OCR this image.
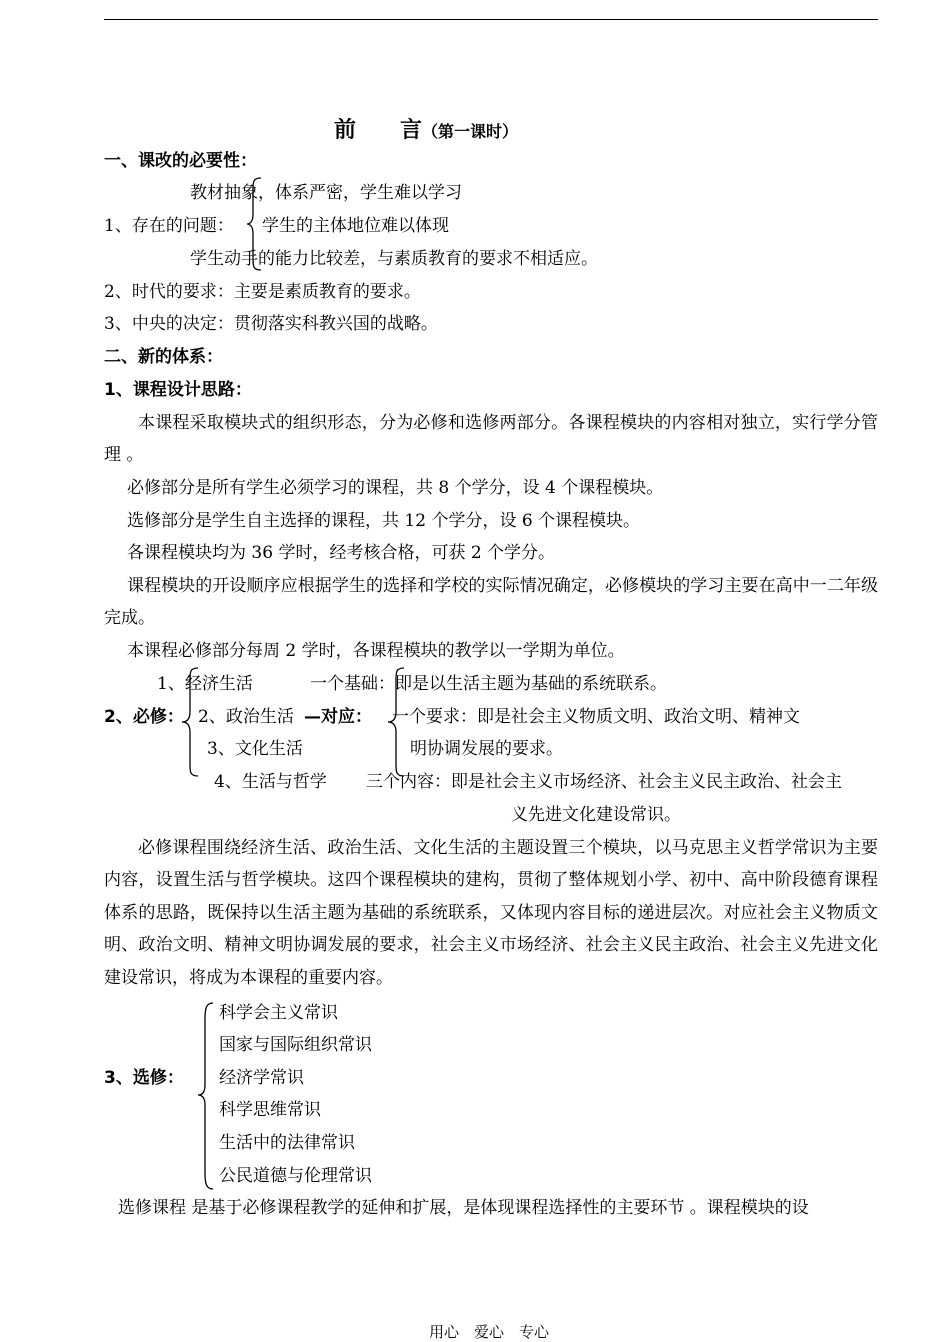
前　　言（第一课时）
一、课改的必要性：
教材抽象，体系严密，学生难以学习
1、存在的问题： 学生的主体地位难以体现
学生动手的能力比较差，与素质教育的要求不相适应。
2、时代的要求：主要是素质教育的要求。
3、中央的决定：贯彻落实科教兴国的战略。
二、新的体系：
1、课程设计思路：
本课程采取模块式的组织形态，分为必修和选修两部分。各课程模块的内容相对独立，实行学分管理 。
必修部分是所有学生必须学习的课程，共 8 个学分，设 4 个课程模块。
选修部分是学生自主选择的课程，共 12 个学分，设 6 个课程模块。
各课程模块均为 36 学时，经考核合格，可获 2 个学分。
课程模块的开设顺序应根据学生的选择和学校的实际情况确定，必修模块的学习主要在高中一二年级完成。
本课程必修部分每周 2 学时，各课程模块的教学以一学期为单位。
1、经济生活
2、必修： 2、政治生活 —对应：
3、文化生活
4、生活与哲学
一个基础：即是以生活主题为基础的系统联系。
一个要求：即是社会主义物质文明、政治文明、精神文
明协调发展的要求。
三个内容：即是社会主义市场经济、社会主义民主政治、社会主
义先进文化建设常识。
必修课程围绕经济生活、政治生活、文化生活的主题设置三个模块，以马克思主义哲学常识为主要内容，设置生活与哲学模块。这四个课程模块的建构，贯彻了整体规划小学、初中、高中阶段德育课程体系的思路，既保持以生活主题为基础的系统联系，又体现内容目标的递进层次。对应社会主义物质文明、政治文明、精神文明协调发展的要求，社会主义市场经济、社会主义民主政治、社会主义先进文化建设常识，将成为本课程的重要内容。
科学会主义常识
国家与国际组织常识
3、选修： 经济学常识
科学思维常识
生活中的法律常识
公民道德与伦理常识
选修课程 是基于必修课程教学的延伸和扩展，是体现课程选择性的主要环节 。课程模块的设
用心　爱心　专心
